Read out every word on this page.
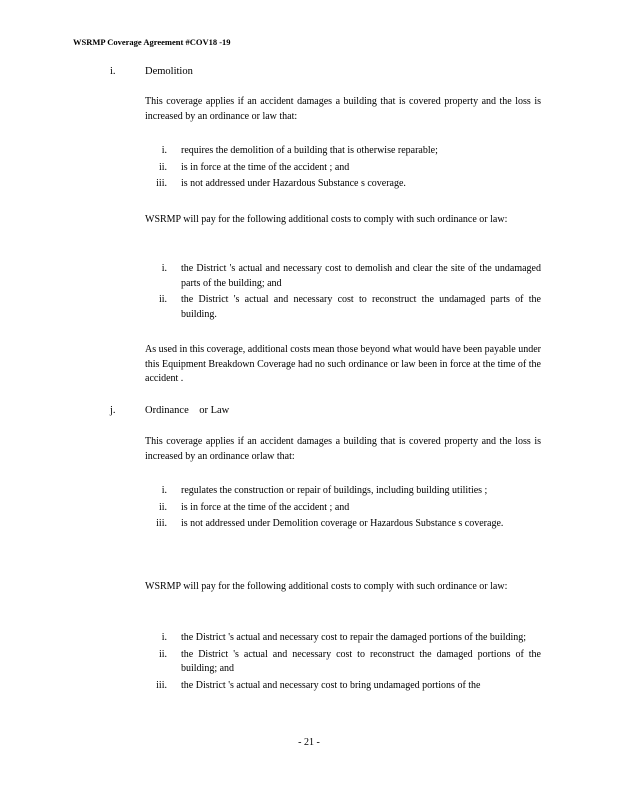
WSRMP Coverage Agreement #COV18 -19
i.	Demolition
This coverage applies if an accident damages a building that is covered property and the loss is increased by an ordinance or law that:
i. requires the demolition of a building that is otherwise reparable;
ii. is in force at the time of the accident ; and
iii. is not addressed under Hazardous Substance s coverage.
WSRMP will pay for the following additional costs to comply with such ordinance or law:
i. the District 's actual and necessary cost to demolish and clear the site of the undamaged parts of the building; and
ii. the District 's actual and necessary cost to reconstruct the undamaged parts of the building.
As used in this coverage, additional costs mean those beyond what would have been payable under this Equipment Breakdown Coverage had no such ordinance or law been in force at the time of the accident .
j.	Ordinance    or Law
This coverage applies if an accident damages a building that is covered property and the loss is increased by an ordinance orlaw that:
i. regulates the construction or repair of buildings, including building utilities ;
ii. is in force at the time of the accident ; and
iii. is not addressed under Demolition coverage or Hazardous Substance s coverage.
WSRMP will pay for the following additional costs to comply with such ordinance or law:
i. the District 's actual and necessary cost to repair the damaged portions of the building;
ii. the District 's actual and necessary cost to reconstruct the damaged portions of the building; and
iii. the District 's actual and necessary cost to bring undamaged portions of the
- 21 -
